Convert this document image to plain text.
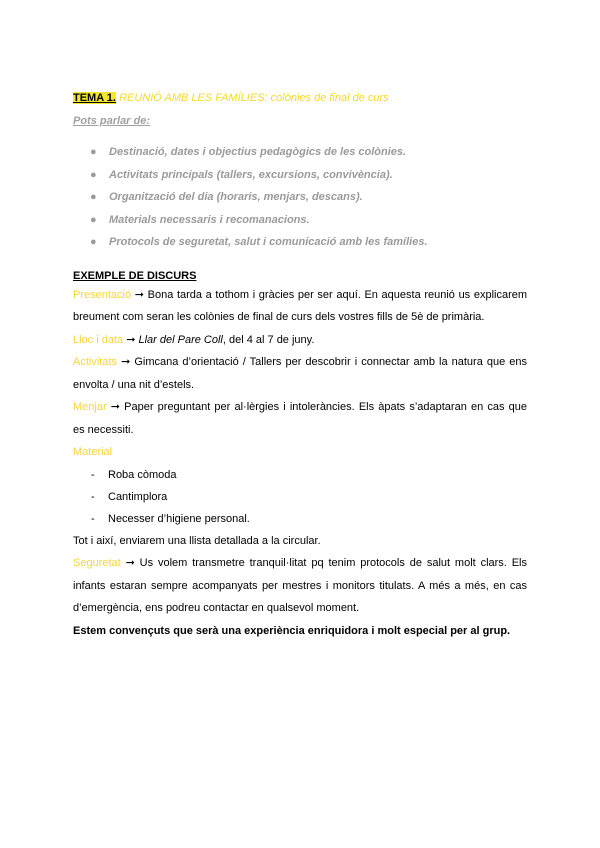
TEMA 1. REUNIÓ AMB LES FAMÍLIES: colònies de final de curs

Pots parlar de:

● Destinació, dates i objectius pedagògics de les colònies.
● Activitats principals (tallers, excursions, convivència).
● Organització del dia (horaris, menjars, descans).
● Materials necessaris i recomanacions.
● Protocols de seguretat, salut i comunicació amb les famílies.

EXEMPLE DE DISCURS

Presentació ➞ Bona tarda a tothom i gràcies per ser aquí. En aquesta reunió us explicarem breument com seran les colònies de final de curs dels vostres fills de 5è de primària.

Lloc i data ➞ Llar del Pare Coll, del 4 al 7 de juny.

Activitats ➞ Gimcana d’orientació / Tallers per descobrir i connectar amb la natura que ens envolta / una nit d’estels.

Menjar ➞ Paper preguntant per al·lèrgies i intoleràncies. Els àpats s’adaptaran en cas que es necessiti.

Material

- Roba còmoda
- Cantimplora
- Necesser d’higiene personal.

Tot i així, enviarem una llista detallada a la circular.

Seguretat ➞ Us volem transmetre tranquil·litat pq tenim protocols de salut molt clars. Els infants estaran sempre acompanyats per mestres i monitors titulats. A més a més, en cas d’emergència, ens podreu contactar en qualsevol moment.

Estem convençuts que serà una experiència enriquidora i molt especial per al grup.
